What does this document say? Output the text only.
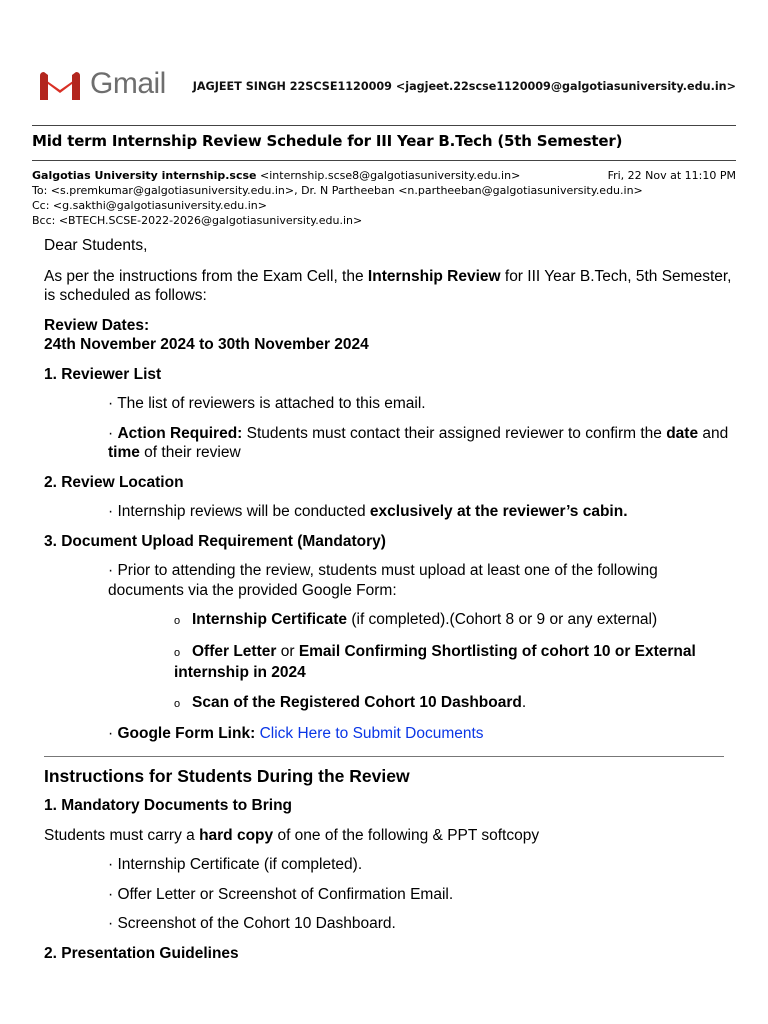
Gmail JAGJEET SINGH 22SCSE1120009 <jagjeet.22scse1120009@galgotiasuniversity.edu.in>
Mid term Internship Review Schedule for III Year B.Tech (5th Semester)
Galgotias University internship.scse <internship.scse8@galgotiasuniversity.edu.in>	Fri, 22 Nov at 11:10 PM
To: <s.premkumar@galgotiasuniversity.edu.in>, Dr. N Partheeban <n.partheeban@galgotiasuniversity.edu.in>
Cc: <g.sakthi@galgotiasuniversity.edu.in>
Bcc: <BTECH.SCSE-2022-2026@galgotiasuniversity.edu.in>

Dear Students,

As per the instructions from the Exam Cell, the Internship Review for III Year B.Tech, 5th Semester, is scheduled as follows:

Review Dates:

24th November 2024 to 30th November 2024

1. Reviewer List

· The list of reviewers is attached to this email.

· Action Required: Students must contact their assigned reviewer to confirm the date and time of their review

2. Review Location

· Internship reviews will be conducted exclusively at the reviewer’s cabin.

3. Document Upload Requirement (Mandatory)

· Prior to attending the review, students must upload at least one of the following documents via the provided Google Form:

o Internship Certificate (if completed).(Cohort 8 or 9 or any external)

o Offer Letter or Email Confirming Shortlisting of cohort 10 or External internship in 2024

o Scan of the Registered Cohort 10 Dashboard.

· Google Form Link: Click Here to Submit Documents

Instructions for Students During the Review

1. Mandatory Documents to Bring

Students must carry a hard copy of one of the following & PPT softcopy

· Internship Certificate (if completed).

· Offer Letter or Screenshot of Confirmation Email.

· Screenshot of the Cohort 10 Dashboard.

2. Presentation Guidelines
